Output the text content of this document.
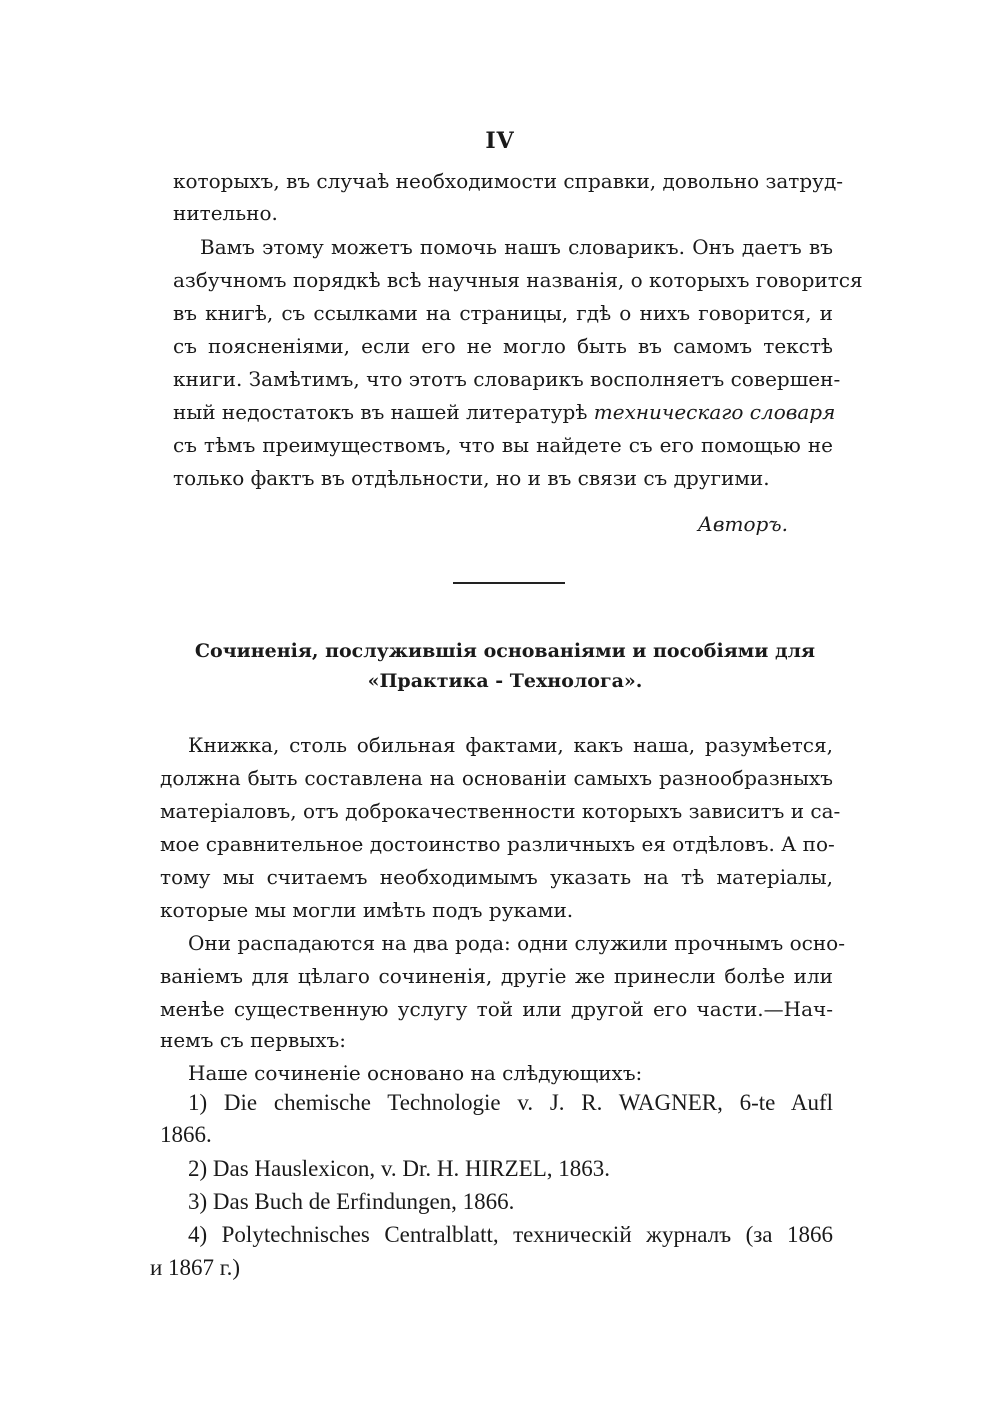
IV
которыхъ, въ случаѣ необходимости справки, довольно затруд-
нительно.
Вамъ этому можетъ помочь нашъ словарикъ. Онъ даетъ въ
азбучномъ порядкѣ всѣ научныя названія, о которыхъ говорится
въ книгѣ, съ ссылками на страницы, гдѣ о нихъ говорится, и
съ поясненіями, если его не могло быть въ самомъ текстѣ
книги. Замѣтимъ, что этотъ словарикъ восполняетъ совершен-
ный недостатокъ въ нашей литературѣ техническаго словаря
съ тѣмъ преимуществомъ, что вы найдете съ его помощью не
только фактъ въ отдѣльности, но и въ связи съ другими.
Авторъ.
Сочиненія, послужившія основаніями и пособіями для
«Практика - Технолога».
Книжка, столь обильная фактами, какъ наша, разумѣется,
должна быть составлена на основаніи самыхъ разнообразныхъ
матеріаловъ, отъ доброкачественности которыхъ зависитъ и са-
мое сравнительное достоинство различныхъ ея отдѣловъ. А по-
тому мы считаемъ необходимымъ указать на тѣ матеріалы,
которые мы могли имѣть подъ руками.
Они распадаются на два рода: одни служили прочнымъ осно-
ваніемъ для цѣлаго сочиненія, другіе же принесли болѣе или
менѣе существенную услугу той или другой его части.—Нач-
немъ съ первыхъ:
Наше сочиненіе основано на слѣдующихъ:
1) Die chemische Technologie v. J. R. WAGNER, 6-te Aufl
1866.
2) Das Hauslexicon, v. Dr. H. HIRZEL, 1863.
3) Das Buch de Erfindungen, 1866.
4) Polytechnisches Centralblatt, техническій журналъ (за 1866
и 1867 г.)
